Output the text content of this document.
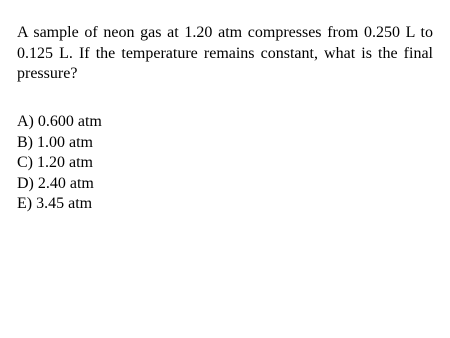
A sample of neon gas at 1.20 atm compresses from 0.250 L to 0.125 L. If the temperature remains constant, what is the final pressure?

A) 0.600 atm
B) 1.00 atm
C) 1.20 atm
D) 2.40 atm
E) 3.45 atm
